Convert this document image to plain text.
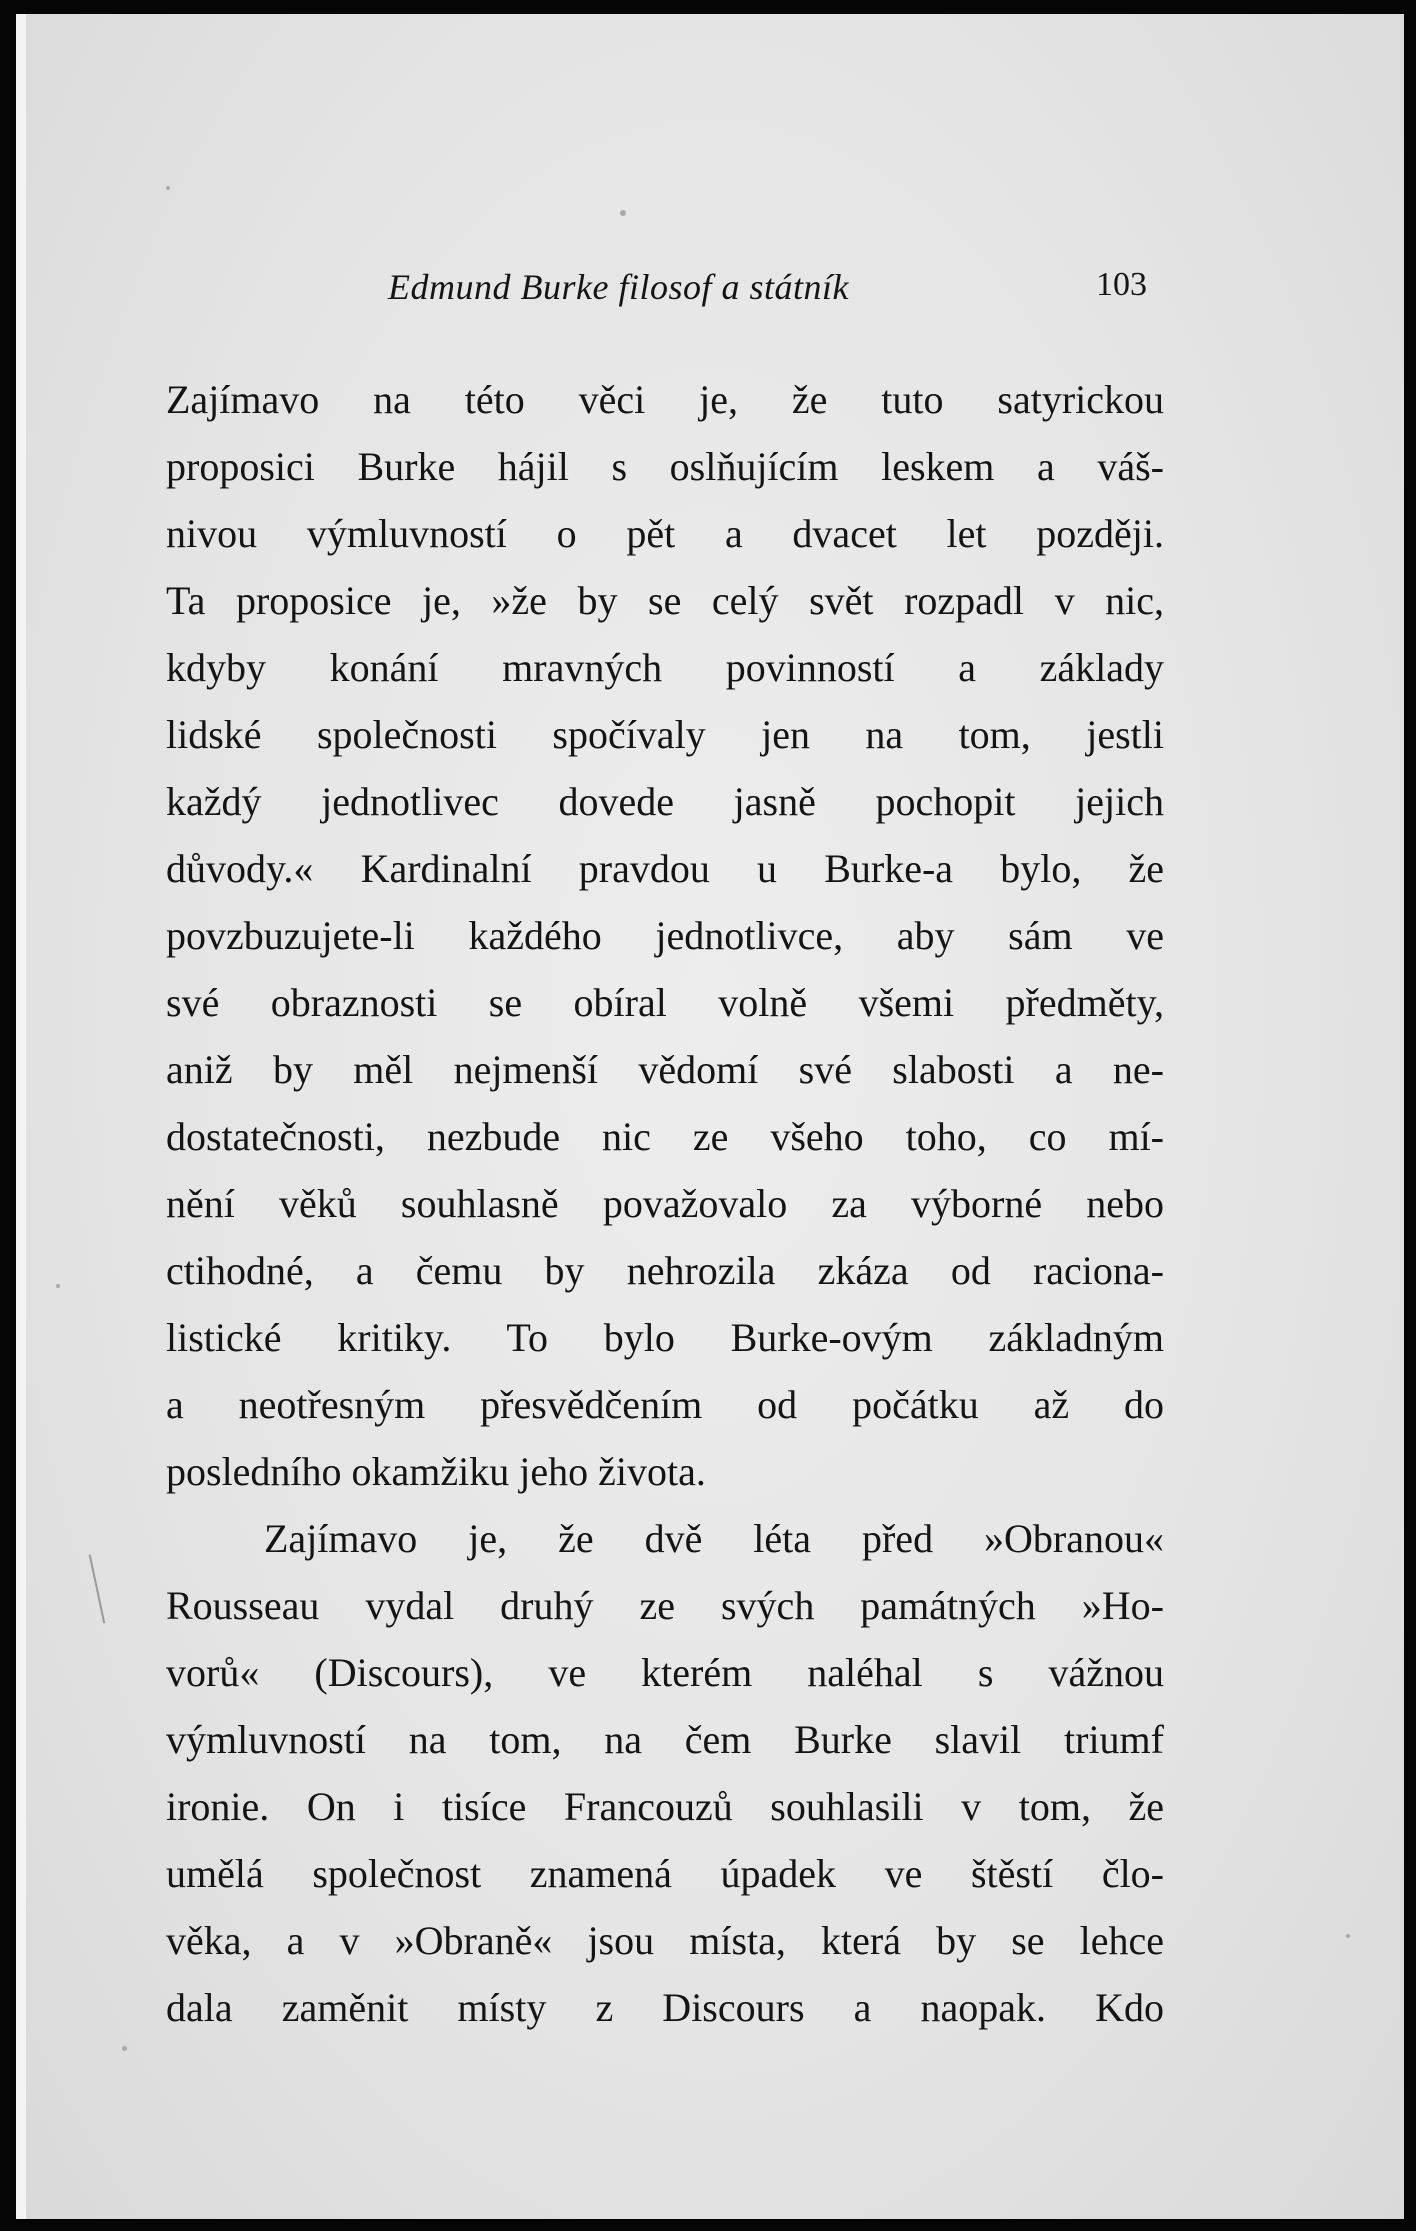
Edmund Burke filosof a státník	103
Zajímavo na této věci je, že tuto satyrickou
proposici Burke hájil s oslňujícím leskem a váš-
nivou výmluvností o pět a dvacet let později.
Ta proposice je, »že by se celý svět rozpadl v nic,
kdyby konání mravných povinností a základy
lidské společnosti spočívaly jen na tom, jestli
každý jednotlivec dovede jasně pochopit jejich
důvody.« Kardinalní pravdou u Burke-a bylo, že
povzbuzujete-li každého jednotlivce, aby sám ve
své obraznosti se obíral volně všemi předměty,
aniž by měl nejmenší vědomí své slabosti a ne-
dostatečnosti, nezbude nic ze všeho toho, co mí-
nění věků souhlasně považovalo za výborné nebo
ctihodné, a čemu by nehrozila zkáza od raciona-
listické kritiky. To bylo Burke-ovým základným
a neotřesným přesvědčením od počátku až do
posledního okamžiku jeho života.
Zajímavo je, že dvě léta před »Obranou«
Rousseau vydal druhý ze svých památných »Ho-
vorů« (Discours), ve kterém naléhal s vážnou
výmluvností na tom, na čem Burke slavil triumf
ironie. On i tisíce Francouzů souhlasili v tom, že
umělá společnost znamená úpadek ve štěstí člo-
věka, a v »Obraně« jsou místa, která by se lehce
dala zaměnit místy z Discours a naopak. Kdo
